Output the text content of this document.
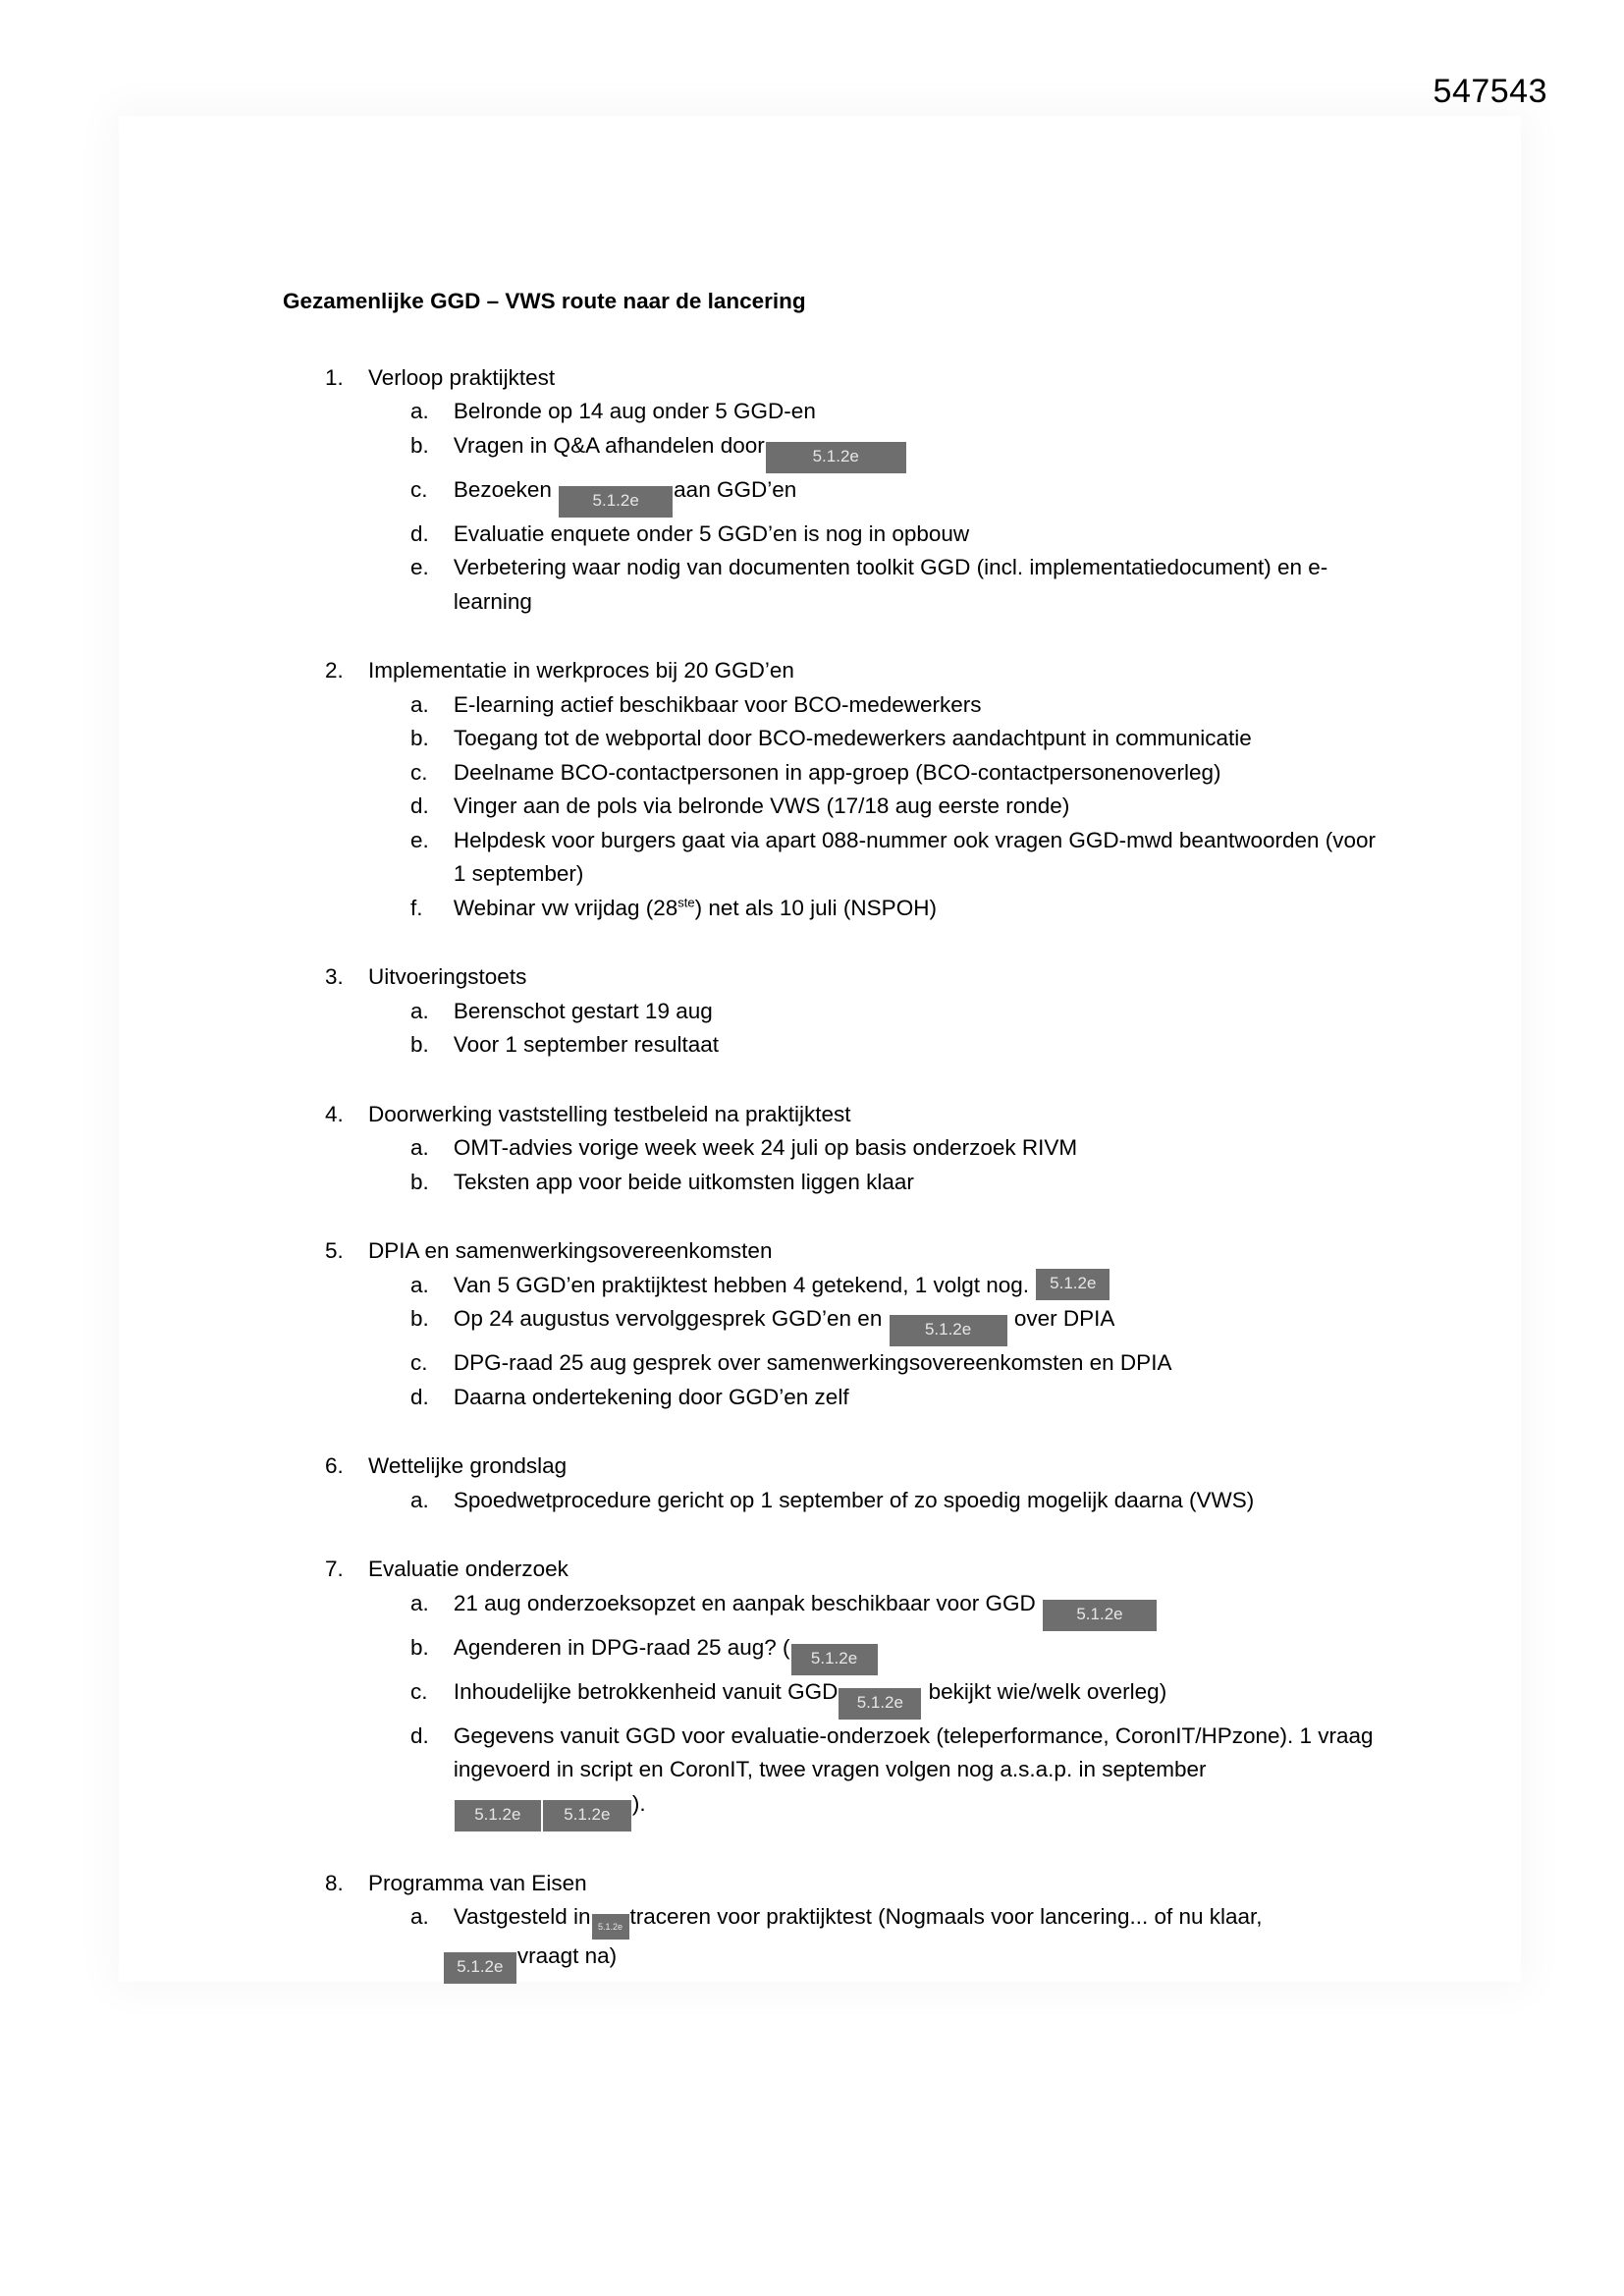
547543
Gezamenlijke GGD – VWS route naar de lancering
1.	Verloop praktijktest
a.	Belronde op 14 aug onder 5 GGD-en
b.	Vragen in Q&A afhandelen door	5.1.2e
c.	Bezoeken 5.1.2e aan GGD’en
d.	Evaluatie enquete onder 5 GGD’en is nog in opbouw
e.	Verbetering waar nodig van documenten toolkit GGD (incl. implementatiedocument) en e-learning
2.	Implementatie in werkproces bij 20 GGD’en
a.	E-learning actief beschikbaar voor BCO-medewerkers
b.	Toegang tot de webportal door BCO-medewerkers aandachtpunt in communicatie
c.	Deelname BCO-contactpersonen in app-groep (BCO-contactpersonenoverleg)
d.	Vinger aan de pols via belronde VWS (17/18 aug eerste ronde)
e.	Helpdesk voor burgers gaat via apart 088-nummer ook vragen GGD-mwd beantwoorden (voor 1 september)
f.	Webinar vw vrijdag (28ste) net als 10 juli (NSPOH)
3.	Uitvoeringstoets
a.	Berenschot gestart 19 aug
b.	Voor 1 september resultaat
4.	Doorwerking vaststelling testbeleid na praktijktest
a.	OMT-advies vorige week week 24 juli op basis onderzoek RIVM
b.	Teksten app voor beide uitkomsten liggen klaar
5.	DPIA en samenwerkingsovereenkomsten
a.	Van 5 GGD’en praktijktest hebben 4 getekend, 1 volgt nog. 5.1.2e
b.	Op 24 augustus vervolggesprek GGD’en en	5.1.2e over DPIA
c.	DPG-raad 25 aug gesprek over samenwerkingsovereenkomsten en DPIA
d.	Daarna ondertekening door GGD’en zelf
6.	Wettelijke grondslag
a.	Spoedwetprocedure gericht op 1 september of zo spoedig mogelijk daarna (VWS)
7.	Evaluatie onderzoek
a.	21 aug onderzoeksopzet en aanpak beschikbaar voor GGD 5.1.2e
b.	Agenderen in DPG-raad 25 aug? ( 5.1.2e
c.	Inhoudelijke betrokkenheid vanuit GGD 5.1.2e bekijkt wie/welk overleg)
d.	Gegevens vanuit GGD voor evaluatie-onderzoek (teleperformance, CoronIT/HPzone). 1 vraag ingevoerd in script en CoronIT, twee vragen volgen nog a.s.a.p. in september
5.1.2e	5.1.2e ).
8.	Programma van Eisen
a.	Vastgesteld in 5.1.2e traceren voor praktijktest (Nogmaals voor lancering... of nu klaar,
5.1.2e vraagt na)
